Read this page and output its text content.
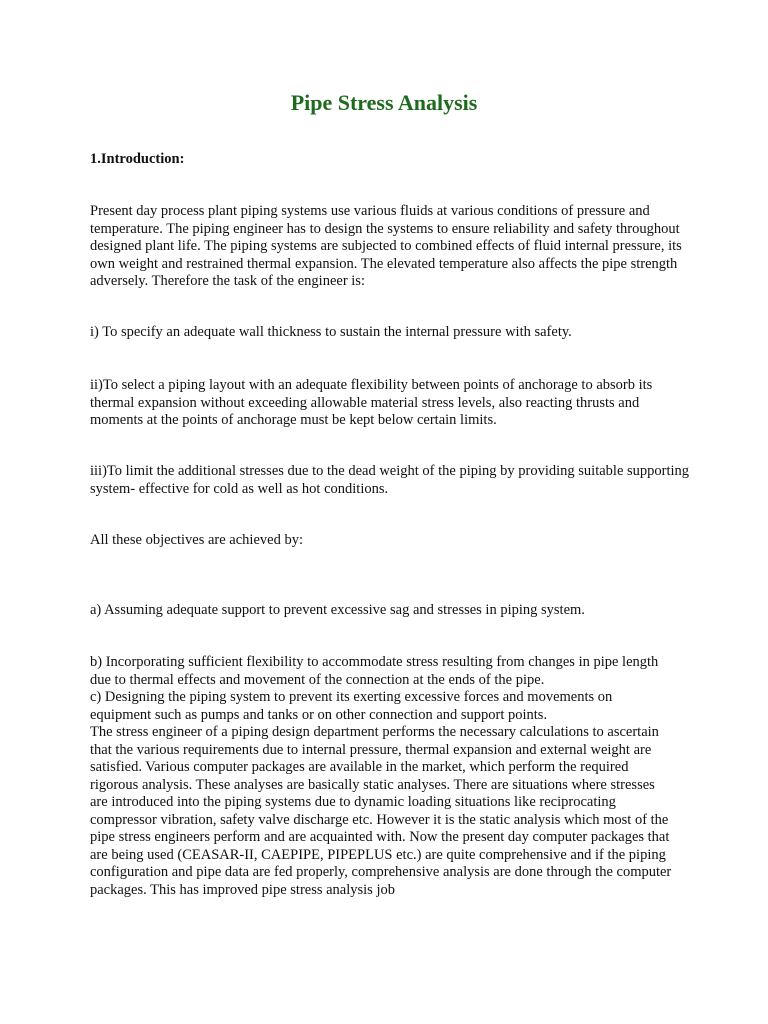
Pipe Stress Analysis
1.Introduction:

Present day process plant piping systems use various fluids at various conditions of pressure and temperature. The piping engineer has to design the systems to ensure reliability and safety throughout designed plant life. The piping systems are subjected to combined effects of fluid internal pressure, its own weight and restrained thermal expansion. The elevated temperature also affects the pipe strength adversely. Therefore the task of the engineer is:

i) To specify an adequate wall thickness to sustain the internal pressure with safety.

ii)To select a piping layout with an adequate flexibility between points of anchorage to absorb its thermal expansion without exceeding allowable material stress levels, also reacting thrusts and moments at the points of anchorage must be kept below certain limits.

iii)To limit the additional stresses due to the dead weight of the piping by providing suitable supporting system- effective for cold as well as hot conditions.

All these objectives are achieved by:

a) Assuming adequate support to prevent excessive sag and stresses in piping system.

b) Incorporating sufficient flexibility to accommodate stress resulting from changes in pipe length due to thermal effects and movement of the connection at the ends of the pipe.
c) Designing the piping system to prevent its exerting excessive forces and movements on equipment such as pumps and tanks or on other connection and support points.
The stress engineer of a piping design department performs the necessary calculations to ascertain that the various requirements due to internal pressure, thermal expansion and external weight are satisfied. Various computer packages are available in the market, which perform the required rigorous analysis. These analyses are basically static analyses. There are situations where stresses are introduced into the piping systems due to dynamic loading situations like reciprocating compressor vibration, safety valve discharge etc. However it is the static analysis which most of the pipe stress engineers perform and are acquainted with. Now the present day computer packages that are being used (CEASAR-II, CAEPIPE, PIPEPLUS etc.) are quite comprehensive and if the piping configuration and pipe data are fed properly, comprehensive analysis are done through the computer packages. This has improved pipe stress analysis job
